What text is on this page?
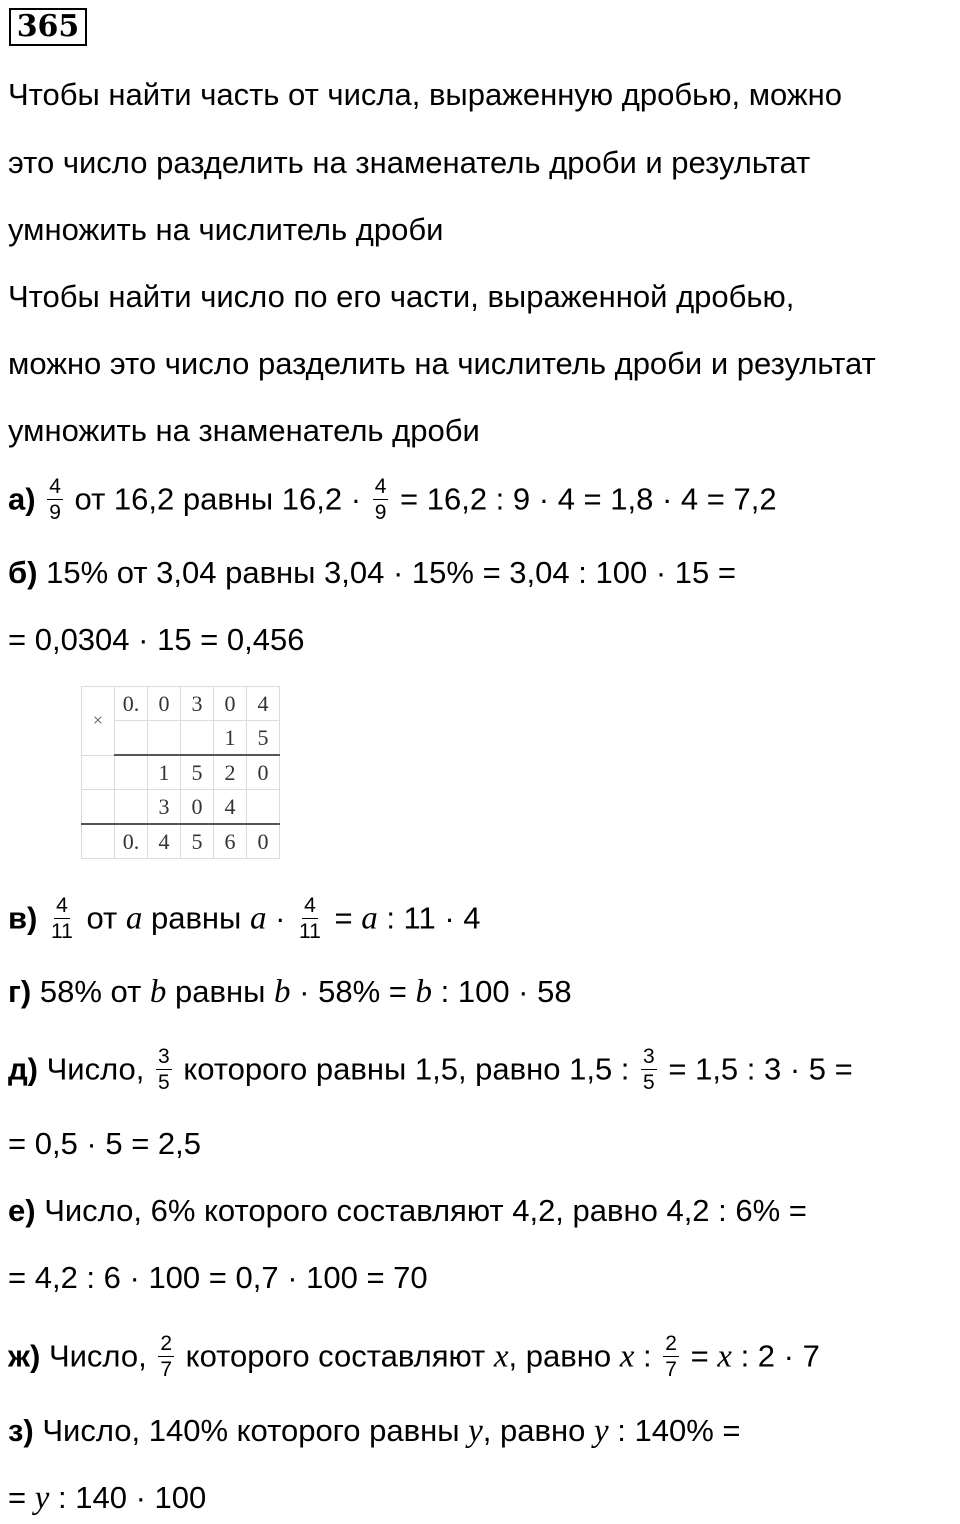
365
Чтобы найти часть от числа, выраженную дробью, можно
это число разделить на знаменатель дроби и результат
умножить на числитель дроби
Чтобы найти число по его части, выраженной дробью,
можно это число разделить на числитель дроби и результат
умножить на знаменатель дроби
$а) \frac{4}{9}$ от 16,2 равны $16,2 \cdot \frac{4}{9} = 16,2$ : 9 · 4 = 1,8 · 4 = 7,2
б) 15% от 3,04 равны 3,04 · 15% = 3,04 : 100 · 15 =
= 0,0304 · 15 = 0,456
×	0.	0	3	0	4
				1	5
		1	5	2	0
		3	0	4	
	0.	4	5	6	0
$в) \frac{4}{11}$ от a равны $a \cdot \frac{4}{11} = a$ : 11 · 4
г) 58% от b равны b · 58% = b : 100 · 58
д) Число, $\frac{3}{5}$ которого равны 1,5, равно 1,5 : $\frac{3}{5} = 1,5$ : 3 · 5 =
= 0,5 · 5 = 2,5
е) Число, 6% которого составляют 4,2, равно 4,2 : 6% =
= 4,2 : 6 · 100 = 0,7 · 100 = 70
ж) Число, $\frac{2}{7}$ которого составляют x, равно x : $\frac{2}{7} = x$ : 2 · 7
з) Число, 140% которого равны y, равно y : 140% =
= y : 140 · 100
